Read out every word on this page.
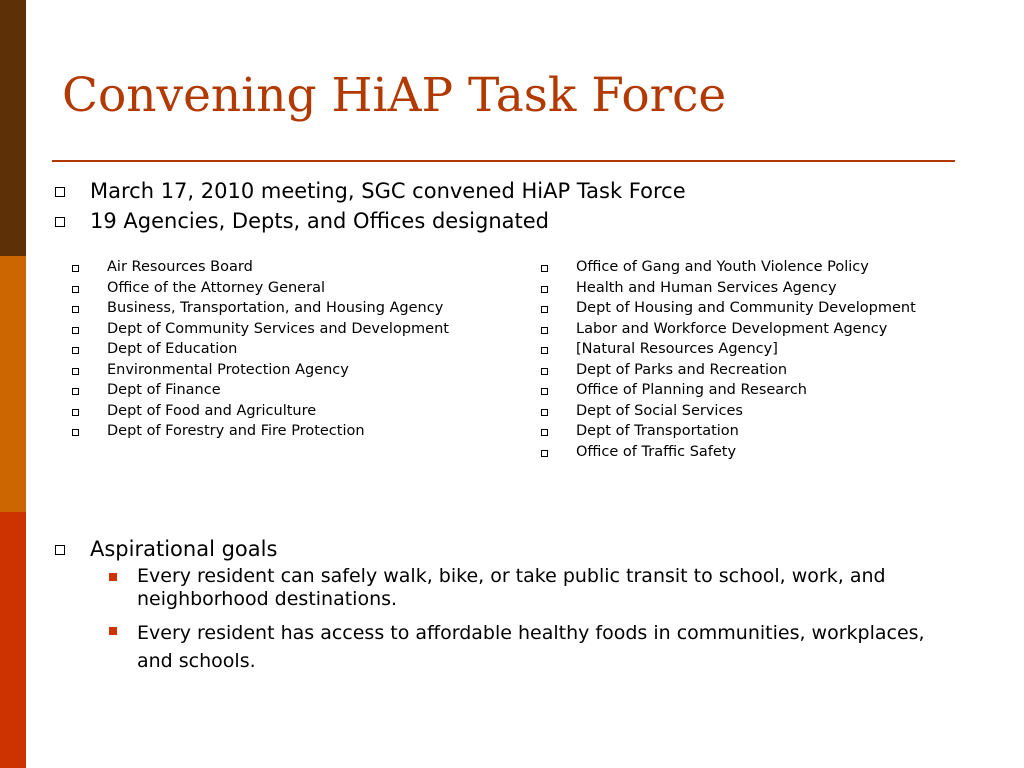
Convening HiAP Task Force
March 17, 2010 meeting, SGC convened HiAP Task Force
19 Agencies, Depts, and Offices designated
Air Resources Board
Office of the Attorney General
Business, Transportation, and Housing Agency
Dept of Community Services and Development
Dept of Education
Environmental Protection Agency
Dept of Finance
Dept of Food and Agriculture
Dept of Forestry and Fire Protection
Office of Gang and Youth Violence Policy
Health and Human Services Agency
Dept of Housing and Community Development
Labor and Workforce Development Agency
[Natural Resources Agency]
Dept of Parks and Recreation
Office of Planning and Research
Dept of Social Services
Dept of Transportation
Office of Traffic Safety
Aspirational goals
Every resident can safely walk, bike, or take public transit to school, work, and neighborhood destinations.
Every resident has access to affordable healthy foods in communities, workplaces, and schools.
